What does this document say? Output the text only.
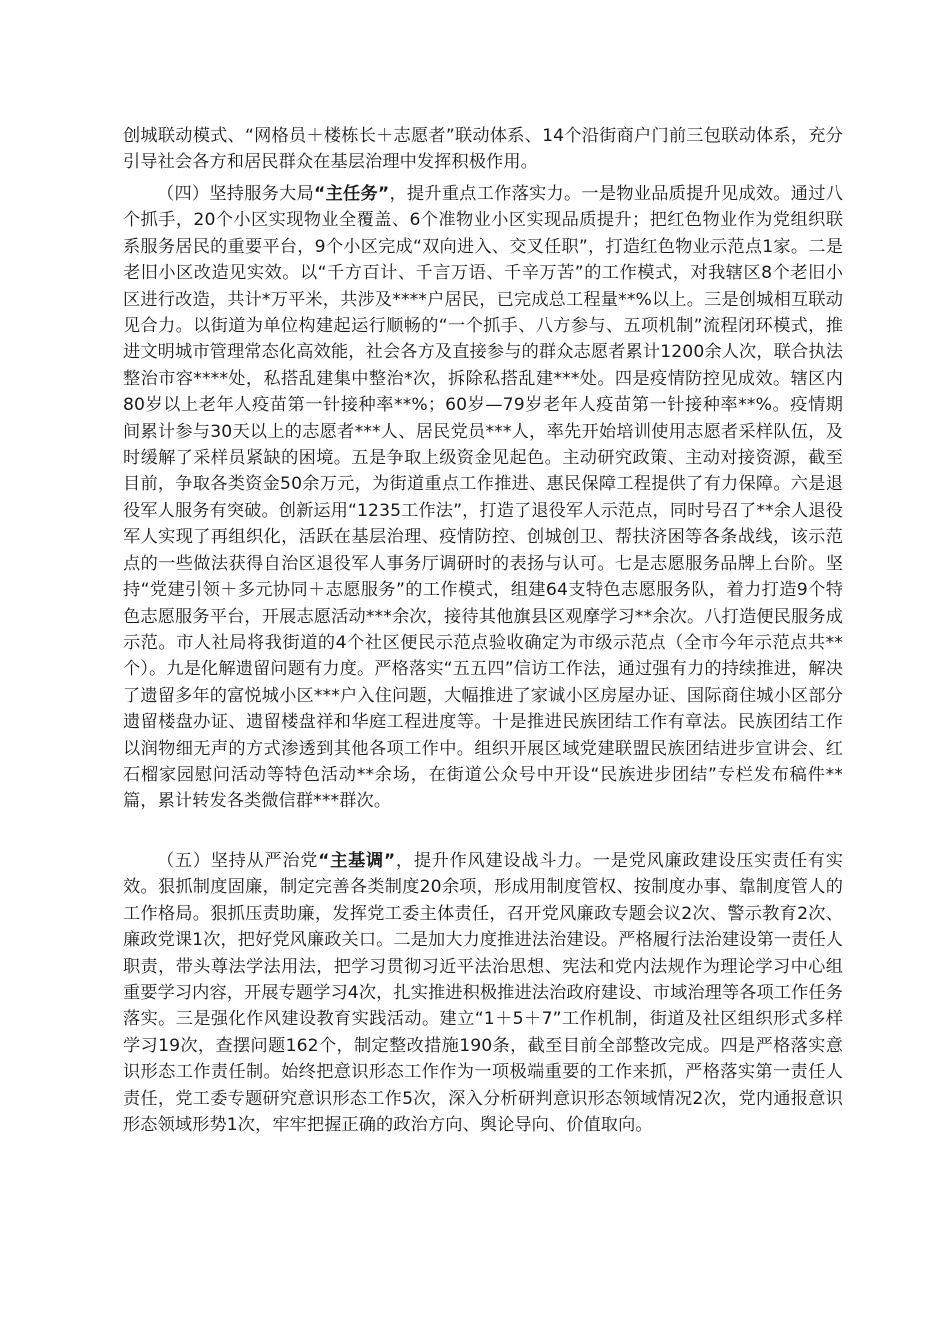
创城联动模式、“网格员＋楼栋长＋志愿者”联动体系、14个沿街商户门前三包联动体系，充分引导社会各方和居民群众在基层治理中发挥积极作用。

（四）坚持服务大局“主任务”，提升重点工作落实力。一是物业品质提升见成效。通过八个抓手，20个小区实现物业全覆盖、6个准物业小区实现品质提升；把红色物业作为党组织联系服务居民的重要平台，9个小区完成“双向进入、交叉任职”，打造红色物业示范点1家。二是老旧小区改造见实效。以“千方百计、千言万语、千辛万苦”的工作模式，对我辖区8个老旧小区进行改造，共计*万平米，共涉及****户居民，已完成总工程量**%以上。三是创城相互联动见合力。以街道为单位构建起运行顺畅的“一个抓手、八方参与、五项机制”流程闭环模式，推进文明城市管理常态化高效能，社会各方及直接参与的群众志愿者累计1200余人次，联合执法整治市容****处，私搭乱建集中整治*次，拆除私搭乱建***处。四是疫情防控见成效。辖区内80岁以上老年人疫苗第一针接种率**%；60岁—79岁老年人疫苗第一针接种率**%。疫情期间累计参与30天以上的志愿者***人、居民党员***人，率先开始培训使用志愿者采样队伍，及时缓解了采样员紧缺的困境。五是争取上级资金见起色。主动研究政策、主动对接资源，截至目前，争取各类资金50余万元，为街道重点工作推进、惠民保障工程提供了有力保障。六是退役军人服务有突破。创新运用“1235工作法”，打造了退役军人示范点，同时号召了**余人退役军人实现了再组织化，活跃在基层治理、疫情防控、创城创卫、帮扶济困等各条战线，该示范点的一些做法获得自治区退役军人事务厅调研时的表扬与认可。七是志愿服务品牌上台阶。坚持“党建引领＋多元协同＋志愿服务”的工作模式，组建64支特色志愿服务队，着力打造9个特色志愿服务平台，开展志愿活动***余次，接待其他旗县区观摩学习**余次。八打造便民服务成示范。市人社局将我街道的4个社区便民示范点验收确定为市级示范点（全市今年示范点共**个）。九是化解遗留问题有力度。严格落实“五五四”信访工作法，通过强有力的持续推进，解决了遗留多年的富悦城小区***户入住问题，大幅推进了家诚小区房屋办证、国际商住城小区部分遗留楼盘办证、遗留楼盘祥和华庭工程进度等。十是推进民族团结工作有章法。民族团结工作以润物细无声的方式渗透到其他各项工作中。组织开展区域党建联盟民族团结进步宣讲会、红石榴家园慰问活动等特色活动**余场，在街道公众号中开设“民族进步团结”专栏发布稿件**篇，累计转发各类微信群***群次。

（五）坚持从严治党“主基调”，提升作风建设战斗力。一是党风廉政建设压实责任有实效。狠抓制度固廉，制定完善各类制度20余项，形成用制度管权、按制度办事、靠制度管人的工作格局。狠抓压责助廉，发挥党工委主体责任，召开党风廉政专题会议2次、警示教育2次、廉政党课1次，把好党风廉政关口。二是加大力度推进法治建设。严格履行法治建设第一责任人职责，带头尊法学法用法，把学习贯彻习近平法治思想、宪法和党内法规作为理论学习中心组重要学习内容，开展专题学习4次，扎实推进积极推进法治政府建设、市域治理等各项工作任务落实。三是强化作风建设教育实践活动。建立“1＋5＋7”工作机制，街道及社区组织形式多样学习19次，查摆问题162个，制定整改措施190条，截至目前全部整改完成。四是严格落实意识形态工作责任制。始终把意识形态工作作为一项极端重要的工作来抓，严格落实第一责任人责任，党工委专题研究意识形态工作5次，深入分析研判意识形态领域情况2次，党内通报意识形态领域形势1次，牢牢把握正确的政治方向、舆论导向、价值取向。
